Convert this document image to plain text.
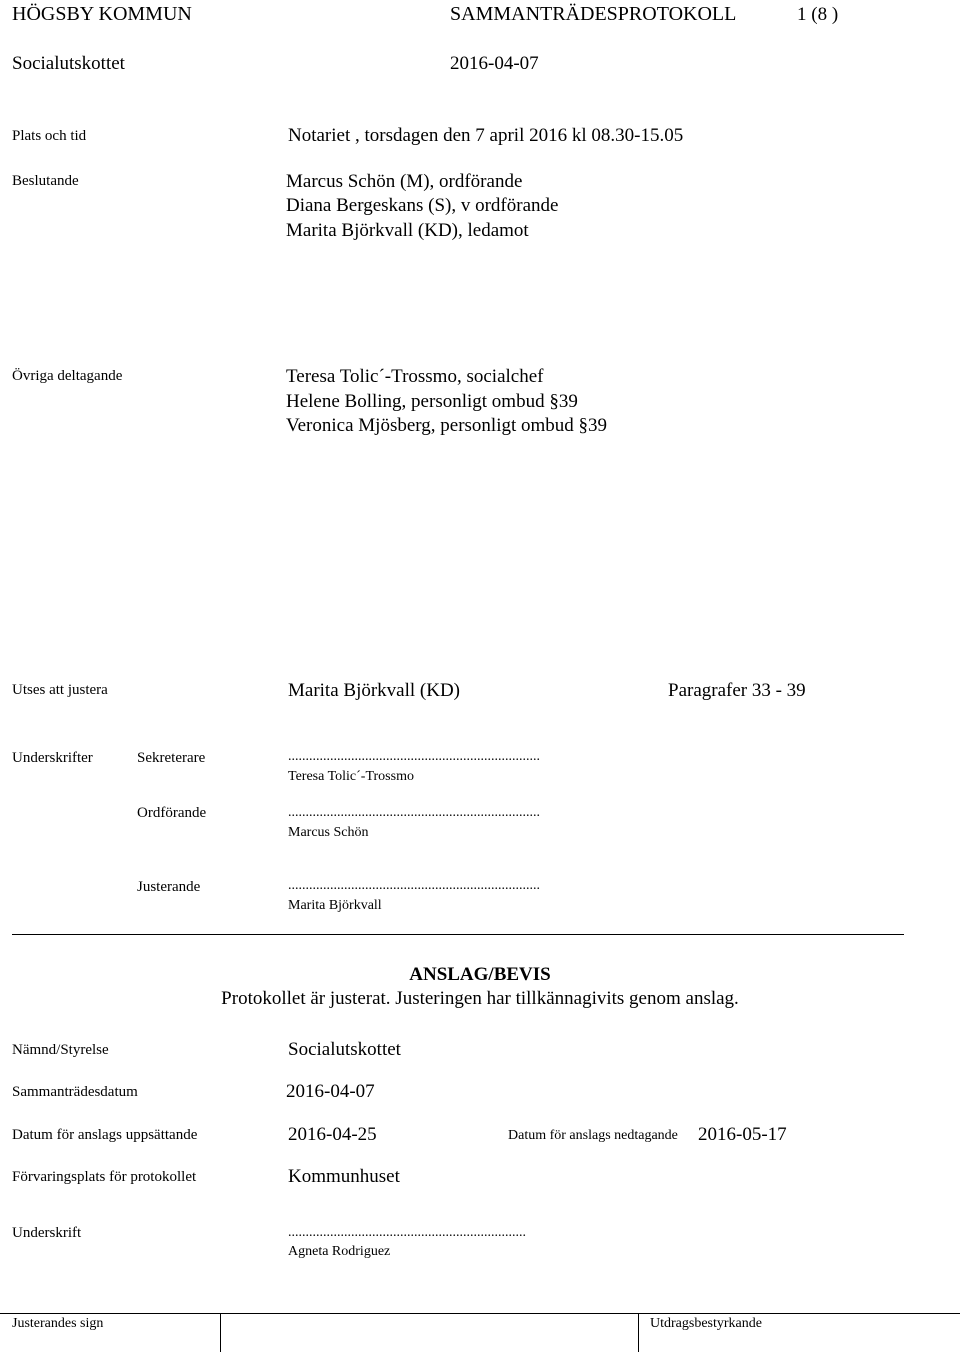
HÖGSBY KOMMUN	SAMMANTRÄDESPROTOKOLL	1 (8 )
Socialutskottet	2016-04-07
Plats och tid	Notariet , torsdagen den 7 april 2016 kl 08.30-15.05
Beslutande	Marcus Schön (M), ordförande
Diana Bergeskans (S), v ordförande
Marita Björkvall (KD), ledamot
Övriga deltagande	Teresa Tolic´-Trossmo, socialchef
Helene Bolling, personligt ombud §39
Veronica Mjösberg, personligt ombud §39
Utses att justera	Marita Björkvall (KD)	Paragrafer 33 - 39
Underskrifter	Sekreterare	........................................................................
Teresa Tolic´-Trossmo
Ordförande	........................................................................
Marcus Schön
Justerande	........................................................................
Marita Björkvall
ANSLAG/BEVIS
Protokollet är justerat. Justeringen har tillkännagivits genom anslag.
Nämnd/Styrelse	Socialutskottet
Sammanträdesdatum	2016-04-07
Datum för anslags uppsättande	2016-04-25	Datum för anslags nedtagande 2016-05-17
Förvaringsplats för protokollet	Kommunhuset
Underskrift	....................................................................
Agneta Rodriguez
Justerandes sign	Utdragsbestyrkande
